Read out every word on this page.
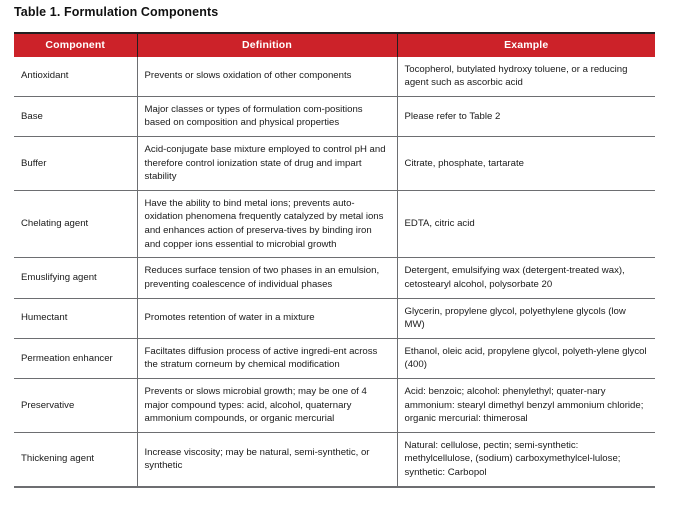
Table 1. Formulation Components
Component	Definition	Example
Antioxidant	Prevents or slows oxidation of other components	Tocopherol, butylated hydroxy toluene, or a reducing agent such as ascorbic acid
Base	Major classes or types of formulation com-positions based on composition and physical properties	Please refer to Table 2
Buffer	Acid-conjugate base mixture employed to control pH and therefore control ionization state of drug and impart stability	Citrate, phosphate, tartarate
Chelating agent	Have the ability to bind metal ions; prevents auto-oxidation phenomena frequently catalyzed by metal ions and enhances action of preserva-tives by binding iron and copper ions essential to microbial growth	EDTA, citric acid
Emuslifying agent	Reduces surface tension of two phases in an emulsion, preventing coalescence of individual phases	Detergent, emulsifying wax (detergent-treated wax), cetostearyl alcohol, polysorbate 20
Humectant	Promotes retention of water in a mixture	Glycerin, propylene glycol, polyethylene glycols (low MW)
Permeation enhancer	Faciltates diffusion process of active ingredi-ent across the stratum corneum by chemical modification	Ethanol, oleic acid, propylene glycol, polyeth-ylene glycol (400)
Preservative	Prevents or slows microbial growth; may be one of 4 major compound types: acid, alcohol, quaternary ammonium compounds, or organic mercurial	Acid: benzoic; alcohol: phenylethyl; quater-nary ammonium: stearyl dimethyl benzyl ammonium chloride; organic mercurial: thimerosal
Thickening agent	Increase viscosity; may be natural, semi-synthetic, or synthetic	Natural: cellulose, pectin; semi-synthetic: methylcellulose, (sodium) carboxymethylcel-lulose; synthetic: Carbopol
